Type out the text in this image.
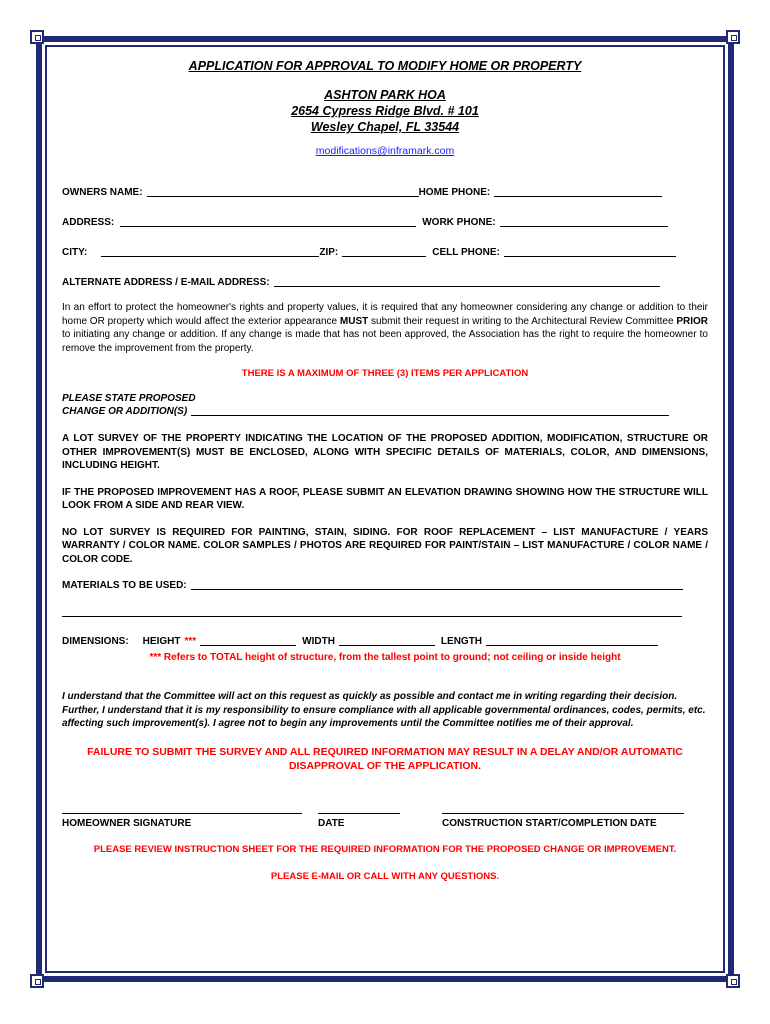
APPLICATION FOR APPROVAL TO MODIFY HOME OR PROPERTY
ASHTON PARK HOA
2654 Cypress Ridge Blvd. # 101
Wesley Chapel, FL 33544
modifications@inframark.com
OWNERS NAME:	HOME PHONE:
ADDRESS:	WORK PHONE:
CITY:	ZIP:	CELL PHONE:
ALTERNATE ADDRESS / E-MAIL ADDRESS:
In an effort to protect the homeowner's rights and property values, it is required that any homeowner considering any change or addition to their home OR property which would affect the exterior appearance MUST submit their request in writing to the Architectural Review Committee PRIOR to initiating any change or addition. If any change is made that has not been approved, the Association has the right to require the homeowner to remove the improvement from the property.
THERE IS A MAXIMUM OF THREE (3) ITEMS PER APPLICATION
PLEASE STATE PROPOSED
CHANGE OR ADDITION(S)
A LOT SURVEY OF THE PROPERTY INDICATING THE LOCATION OF THE PROPOSED ADDITION, MODIFICATION, STRUCTURE OR OTHER IMPROVEMENT(S) MUST BE ENCLOSED, ALONG WITH SPECIFIC DETAILS OF MATERIALS, COLOR, AND DIMENSIONS, INCLUDING HEIGHT.
IF THE PROPOSED IMPROVEMENT HAS A ROOF, PLEASE SUBMIT AN ELEVATION DRAWING SHOWING HOW THE STRUCTURE WILL LOOK FROM A SIDE AND REAR VIEW.
NO LOT SURVEY IS REQUIRED FOR PAINTING, STAIN, SIDING. FOR ROOF REPLACEMENT – LIST MANUFACTURE / YEARS WARRANTY / COLOR NAME. COLOR SAMPLES / PHOTOS ARE REQUIRED FOR PAINT/STAIN – LIST MANUFACTURE / COLOR NAME / COLOR CODE.
MATERIALS TO BE USED:
DIMENSIONS: HEIGHT ***	WIDTH	LENGTH
*** Refers to TOTAL height of structure, from the tallest point to ground; not ceiling or inside height
I understand that the Committee will act on this request as quickly as possible and contact me in writing regarding their decision. Further, I understand that it is my responsibility to ensure compliance with all applicable governmental ordinances, codes, permits, etc. affecting such improvement(s). I agree not to begin any improvements until the Committee notifies me of their approval.
FAILURE TO SUBMIT THE SURVEY AND ALL REQUIRED INFORMATION MAY RESULT IN A DELAY AND/OR AUTOMATIC DISAPPROVAL OF THE APPLICATION.
HOMEOWNER SIGNATURE	DATE	CONSTRUCTION START/COMPLETION DATE
PLEASE REVIEW INSTRUCTION SHEET FOR THE REQUIRED INFORMATION FOR THE PROPOSED CHANGE OR IMPROVEMENT.
PLEASE E-MAIL OR CALL WITH ANY QUESTIONS.
